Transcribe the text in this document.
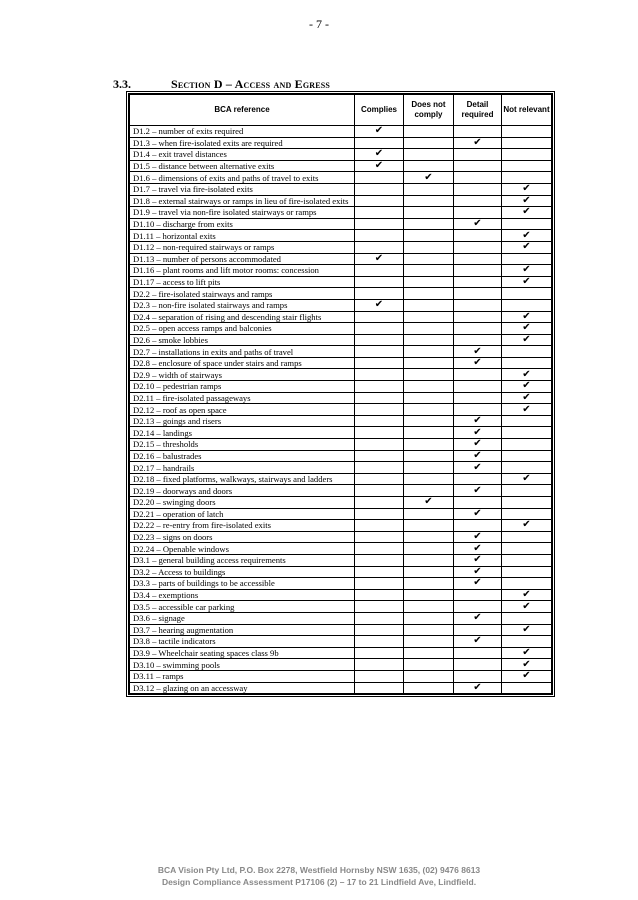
- 7 -
3.3.	Section D – Access and Egress
BCA reference	Complies	Does not comply	Detail required	Not relevant
D1.2 – number of exits required	✔			
D1.3 – when fire-isolated exits are required			✔	
D1.4 – exit travel distances	✔			
D1.5 – distance between alternative exits	✔			
D1.6 – dimensions of exits and paths of travel to exits		✔		
D1.7 – travel via fire-isolated exits				✔
D1.8 – external stairways or ramps in lieu of fire-isolated exits				✔
D1.9 – travel via non-fire isolated stairways or ramps				✔
D1.10 – discharge from exits			✔	
D1.11 – horizontal exits				✔
D1.12 – non-required stairways or ramps				✔
D1.13 – number of persons accommodated	✔			
D1.16 – plant rooms and lift motor rooms: concession				✔
D1.17 – access to lift pits				✔
D2.2 – fire-isolated stairways and ramps				
D2.3 – non-fire isolated stairways and ramps	✔			
D2.4 – separation of rising and descending stair flights				✔
D2.5 – open access ramps and balconies				✔
D2.6 – smoke lobbies				✔
D2.7 – installations in exits and paths of travel			✔	
D2.8 – enclosure of space under stairs and ramps			✔	
D2.9 – width of stairways				✔
D2.10 – pedestrian ramps				✔
D2.11 – fire-isolated passageways				✔
D2.12 – roof as open space				✔
D2.13 – goings and risers			✔	
D2.14 – landings			✔	
D2.15 – thresholds			✔	
D2.16 – balustrades			✔	
D2.17 – handrails			✔	
D2.18 – fixed platforms, walkways, stairways and ladders				✔
D2.19 – doorways and doors			✔	
D2.20 – swinging doors		✔		
D2.21 – operation of latch			✔	
D2.22 – re-entry from fire-isolated exits				✔
D2.23 – signs on doors			✔	
D2.24 – Openable windows			✔	
D3.1 – general building access requirements			✔	
D3.2 – Access to buildings			✔	
D3.3 – parts of buildings to be accessible			✔	
D3.4 – exemptions				✔
D3.5 – accessible car parking				✔
D3.6 – signage			✔	
D3.7 – hearing augmentation				✔
D3.8 – tactile indicators			✔	
D3.9 – Wheelchair seating spaces class 9b				✔
D3.10 – swimming pools				✔
D3.11 – ramps				✔
D3.12 – glazing on an accessway			✔	
BCA Vision Pty Ltd, P.O. Box 2278, Westfield Hornsby NSW 1635, (02) 9476 8613
Design Compliance Assessment P17106 (2) – 17 to 21 Lindfield Ave, Lindfield.
